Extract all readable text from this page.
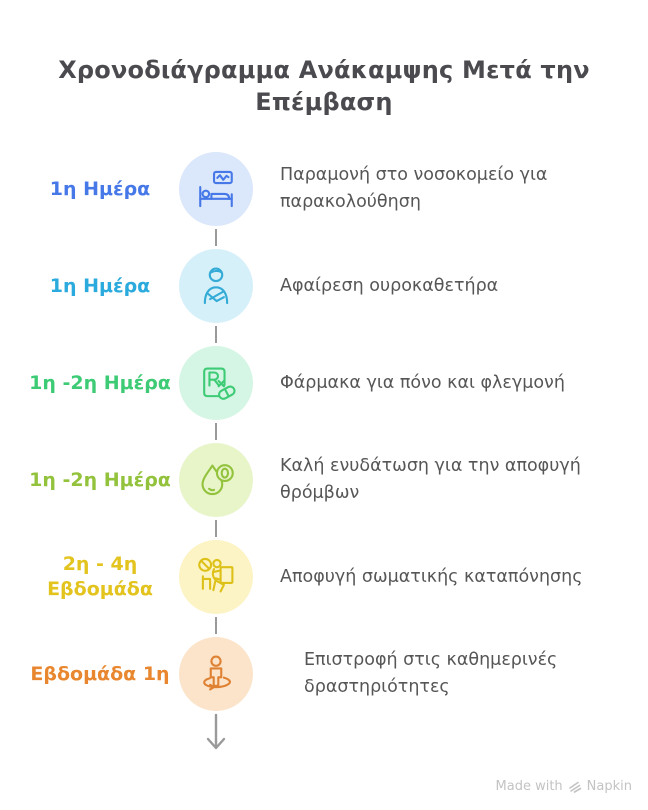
Χρονοδιάγραμμα Ανάκαμψης Μετά την Επέμβαση
1η Ημέρα
Παραμονή στο νοσοκομείο για παρακολούθηση
1η Ημέρα	Αφαίρεση ουροκαθετήρα
1η -2η Ημέρα	Φάρμακα για πόνο και φλεγμονή
1η -2η Ημέρα
Καλή ενυδάτωση για την αποφυγή θρόμβων
2η - 4η Εβδομάδα
Αποφυγή σωματικής καταπόνησης
Εβδομάδα 1η
Επιστροφή στις καθημερινές δραστηριότητες
Made with Napkin
